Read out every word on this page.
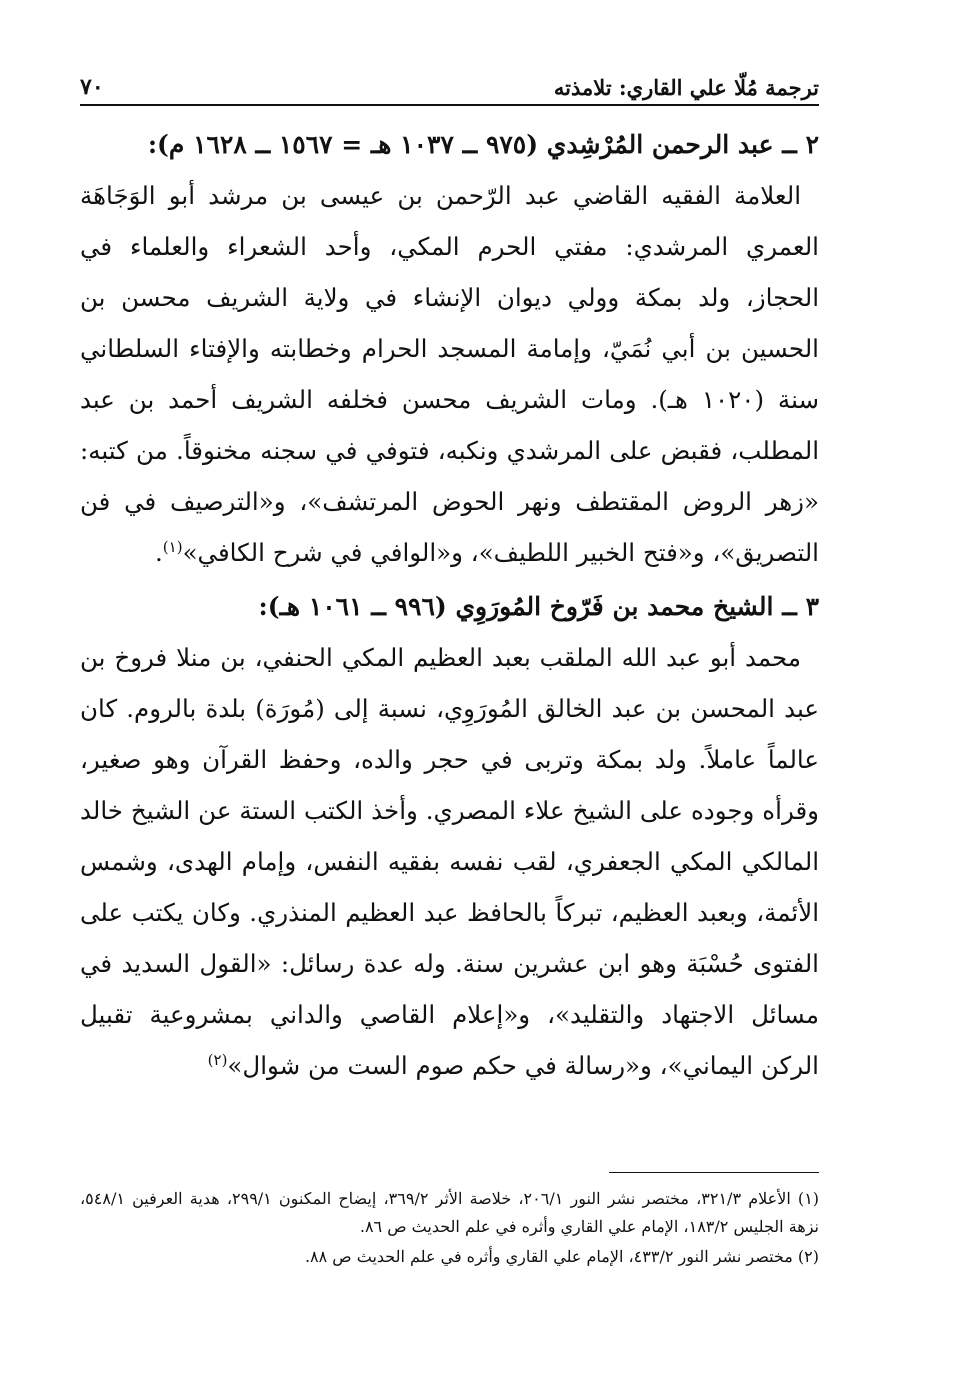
ترجمة مُلّا علي القاري: تلامذته
٧٠
٢ ــ عبد الرحمن المُرْشِدي (٩٧٥ ــ ١٠٣٧ هـ = ١٥٦٧ ــ ١٦٢٨ م):

العلامة الفقيه القاضي عبد الرّحمن بن عيسى بن مرشد أبو الوَجَاهَة العمري المرشدي: مفتي الحرم المكي، وأحد الشعراء والعلماء في الحجاز، ولد بمكة وولي ديوان الإنشاء في ولاية الشريف محسن بن الحسين بن أبي نُمَيّ، وإمامة المسجد الحرام وخطابته والإفتاء السلطاني سنة (١٠٢٠ هـ). ومات الشريف محسن فخلفه الشريف أحمد بن عبد المطلب، فقبض على المرشدي ونكبه، فتوفي في سجنه مخنوقاً. من كتبه: «زهر الروض المقتطف ونهر الحوض المرتشف»، و«الترصيف في فن التصريق»، و«فتح الخبير اللطيف»، و«الوافي في شرح الكافي»$^{(١)}$.

٣ ــ الشيخ محمد بن فَرّوخ المُورَوِي (٩٩٦ ــ ١٠٦١ هـ):

محمد أبو عبد الله الملقب بعبد العظيم المكي الحنفي، بن منلا فروخ بن عبد المحسن بن عبد الخالق المُورَوِي، نسبة إلى (مُورَة) بلدة بالروم. كان عالماً عاملاً. ولد بمكة وتربى في حجر والده، وحفظ القرآن وهو صغير، وقرأه وجوده على الشيخ علاء المصري. وأخذ الكتب الستة عن الشيخ خالد المالكي المكي الجعفري، لقب نفسه بفقيه النفس، وإمام الهدى، وشمس الأئمة، وبعبد العظيم، تبركاً بالحافظ عبد العظيم المنذري. وكان يكتب على الفتوى حُسْبَة وهو ابن عشرين سنة. وله عدة رسائل: «القول السديد في مسائل الاجتهاد والتقليد»، و«إعلام القاصي والداني بمشروعية تقبيل الركن اليماني»، و«رسالة في حكم صوم الست من شوال»$^{(٢)}$

(١) الأعلام ٣٢١/٣، مختصر نشر النور ٢٠٦/١، خلاصة الأثر ٣٦٩/٢، إيضاح المكنون ٢٩٩/١، هدية العرفين ٥٤٨/١، نزهة الجليس ١٨٣/٢، الإمام علي القاري وأثره في علم الحديث ص ٨٦.

(٢) مختصر نشر النور ٤٣٣/٢، الإمام علي القاري وأثره في علم الحديث ص ٨٨.
